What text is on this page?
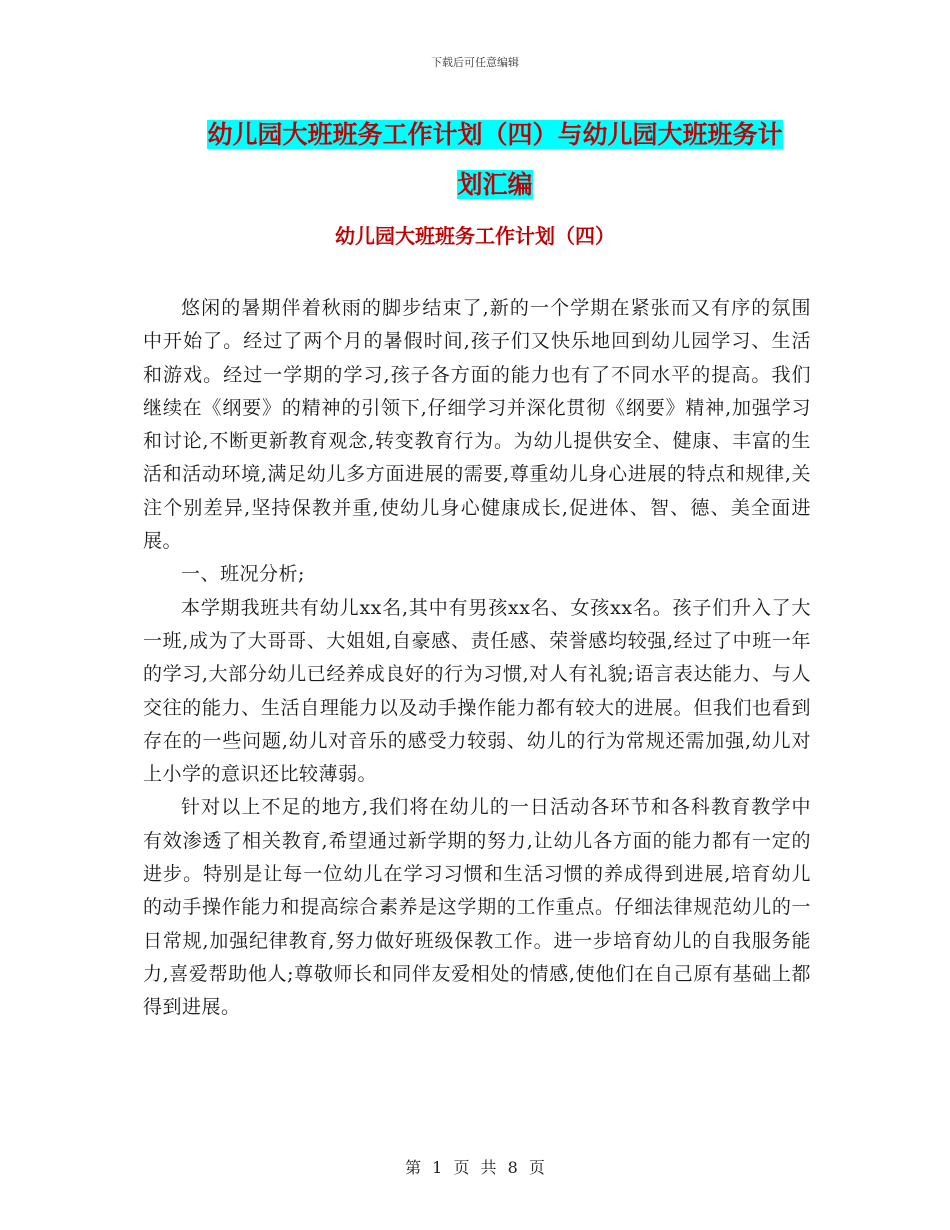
下载后可任意编辑
幼儿园大班班务工作计划（四）与幼儿园大班班务计
划汇编
幼儿园大班班务工作计划（四）

悠闲的暑期伴着秋雨的脚步结束了,新的一个学期在紧张而又有序的氛围中开始了。经过了两个月的暑假时间,孩子们又快乐地回到幼儿园学习、生活和游戏。经过一学期的学习,孩子各方面的能力也有了不同水平的提高。我们继续在《纲要》的精神的引领下,仔细学习并深化贯彻《纲要》精神,加强学习和讨论,不断更新教育观念,转变教育行为。为幼儿提供安全、健康、丰富的生活和活动环境,满足幼儿多方面进展的需要,尊重幼儿身心进展的特点和规律,关注个别差异,坚持保教并重,使幼儿身心健康成长,促进体、智、德、美全面进展。

一、班况分析;

本学期我班共有幼儿xx名,其中有男孩xx名、女孩xx名。孩子们升入了大一班,成为了大哥哥、大姐姐,自豪感、责任感、荣誉感均较强,经过了中班一年的学习,大部分幼儿已经养成良好的行为习惯,对人有礼貌;语言表达能力、与人交往的能力、生活自理能力以及动手操作能力都有较大的进展。但我们也看到存在的一些问题,幼儿对音乐的感受力较弱、幼儿的行为常规还需加强,幼儿对上小学的意识还比较薄弱。

针对以上不足的地方,我们将在幼儿的一日活动各环节和各科教育教学中有效渗透了相关教育,希望通过新学期的努力,让幼儿各方面的能力都有一定的进步。特别是让每一位幼儿在学习习惯和生活习惯的养成得到进展,培育幼儿的动手操作能力和提高综合素养是这学期的工作重点。仔细法律规范幼儿的一日常规,加强纪律教育,努力做好班级保教工作。进一步培育幼儿的自我服务能力,喜爱帮助他人;尊敬师长和同伴友爱相处的情感,使他们在自己原有基础上都得到进展。

第 1 页 共 8 页
